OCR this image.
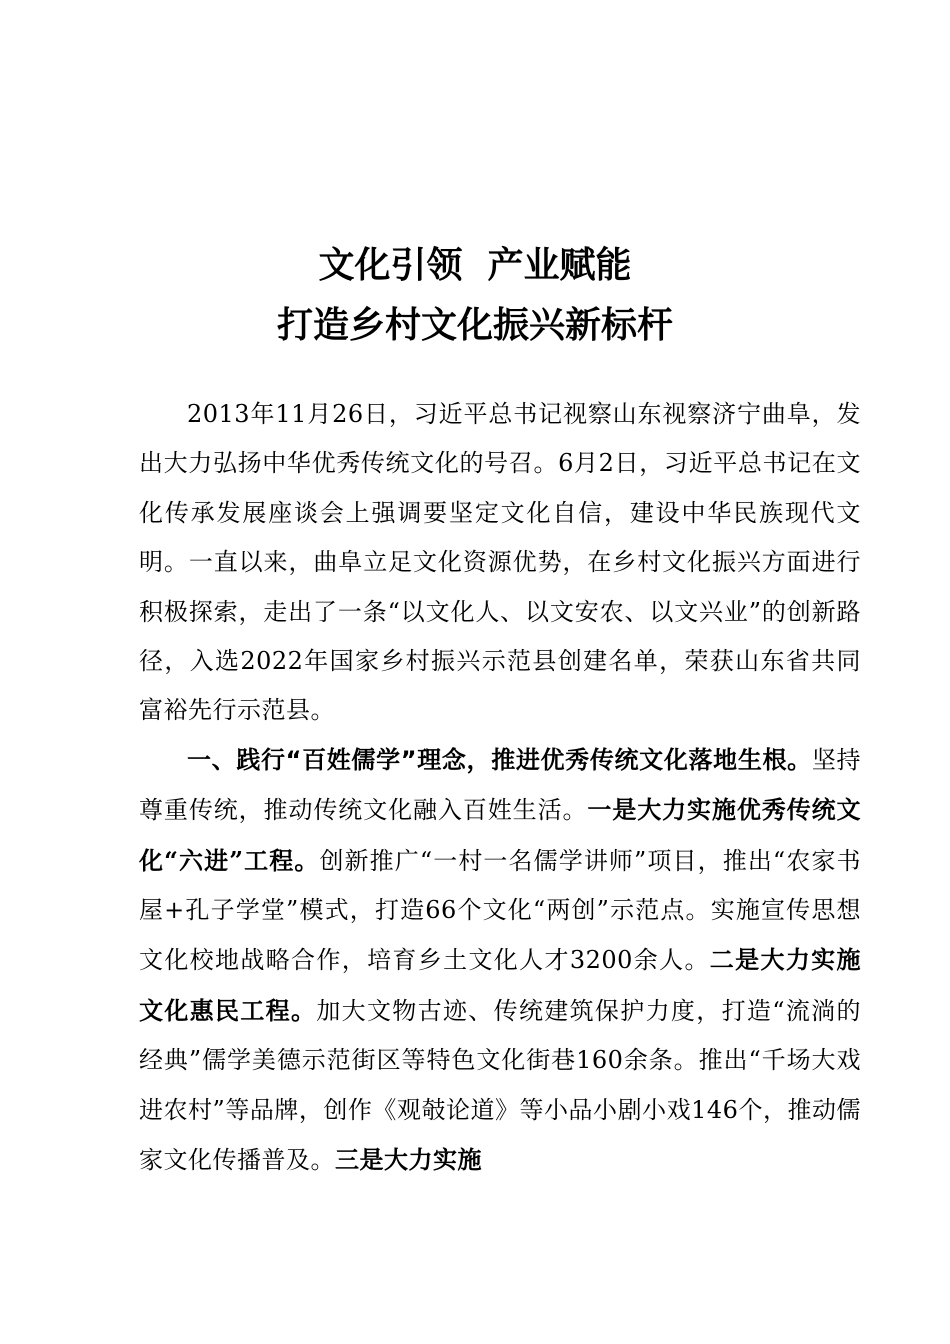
文化引领  产业赋能
打造乡村文化振兴新标杆

2013年11月26日，习近平总书记视察山东视察济宁曲阜，发出大力弘扬中华优秀传统文化的号召。6月2日，习近平总书记在文化传承发展座谈会上强调要坚定文化自信，建设中华民族现代文明。一直以来，曲阜立足文化资源优势，在乡村文化振兴方面进行积极探索，走出了一条“以文化人、以文安农、以文兴业”的创新路径，入选2022年国家乡村振兴示范县创建名单，荣获山东省共同富裕先行示范县。

一、践行“百姓儒学”理念，推进优秀传统文化落地生根。坚持尊重传统，推动传统文化融入百姓生活。一是大力实施优秀传统文化“六进”工程。创新推广“一村一名儒学讲师”项目，推出“农家书屋+孔子学堂”模式，打造66个文化“两创”示范点。实施宣传思想文化校地战略合作，培育乡土文化人才3200余人。二是大力实施文化惠民工程。加大文物古迹、传统建筑保护力度，打造“流淌的经典”儒学美德示范街区等特色文化街巷160余条。推出“千场大戏进农村”等品牌，创作《观攲论道》等小品小剧小戏146个，推动儒家文化传播普及。三是大力实施
